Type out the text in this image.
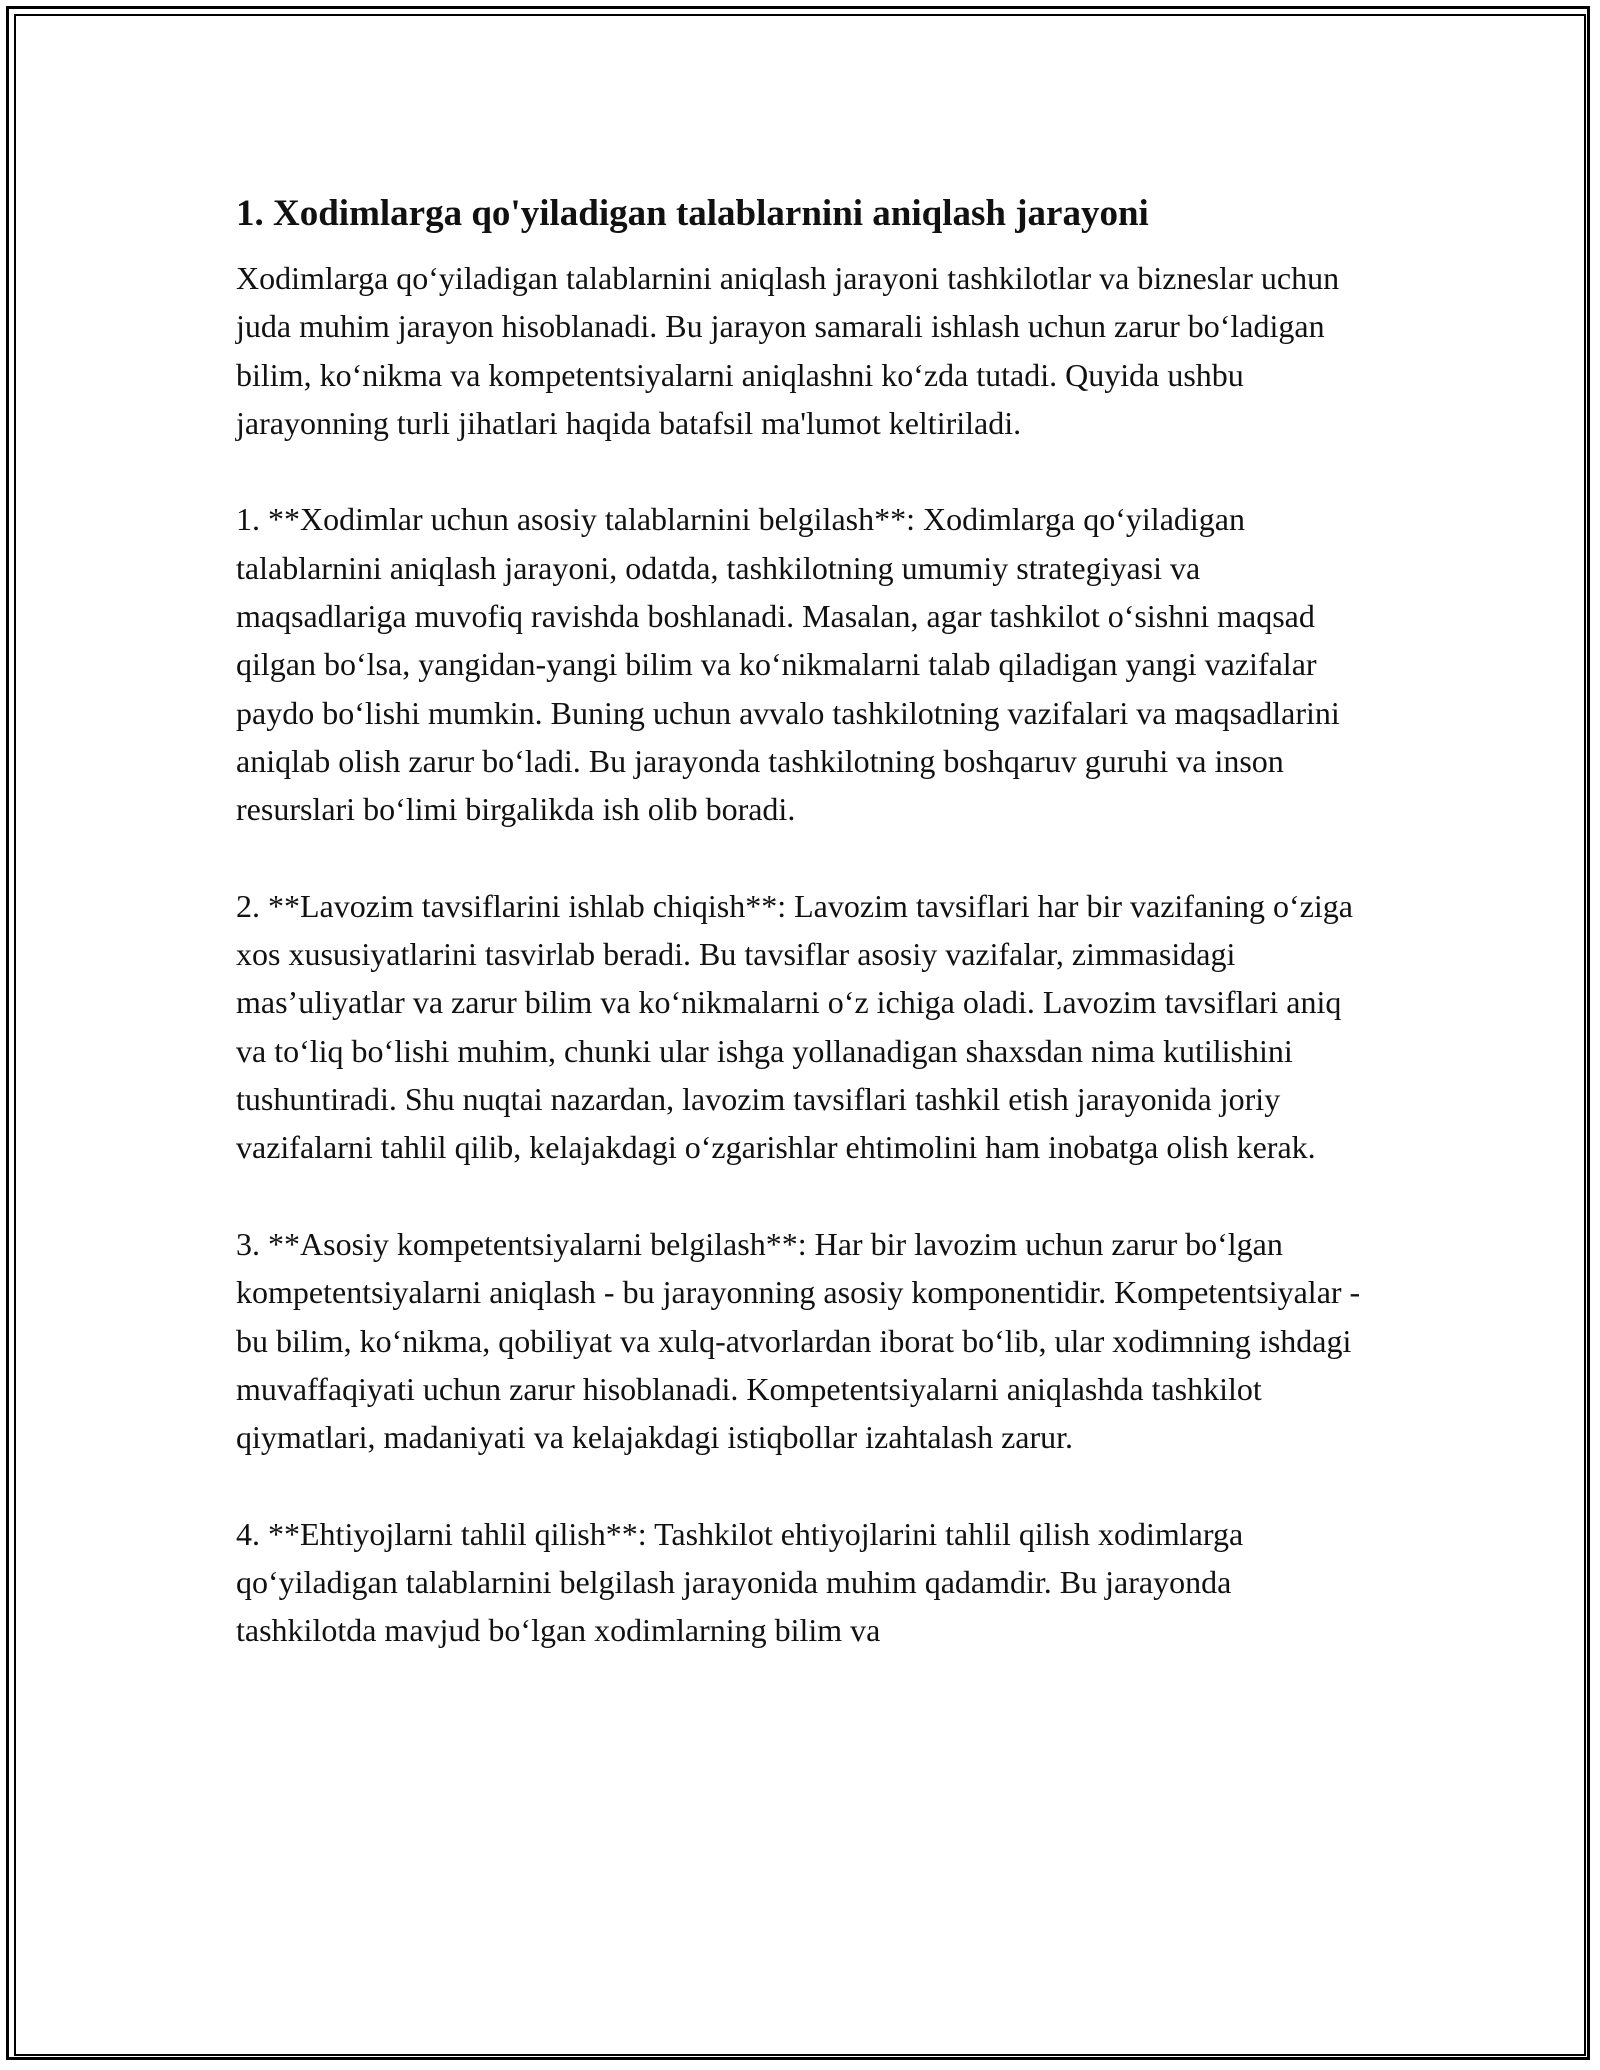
1. Xodimlarga qo'yiladigan talablarnini aniqlash jarayoni

Xodimlarga qo‘yiladigan talablarnini aniqlash jarayoni tashkilotlar va bizneslar uchun juda muhim jarayon hisoblanadi. Bu jarayon samarali ishlash uchun zarur bo‘ladigan bilim, ko‘nikma va kompetentsiyalarni aniqlashni ko‘zda tutadi. Quyida ushbu jarayonning turli jihatlari haqida batafsil ma'lumot keltiriladi.

1. **Xodimlar uchun asosiy talablarnini belgilash**: Xodimlarga qo‘yiladigan talablarnini aniqlash jarayoni, odatda, tashkilotning umumiy strategiyasi va maqsadlariga muvofiq ravishda boshlanadi. Masalan, agar tashkilot o‘sishni maqsad qilgan bo‘lsa, yangidan-yangi bilim va ko‘nikmalarni talab qiladigan yangi vazifalar paydo bo‘lishi mumkin. Buning uchun avvalo tashkilotning vazifalari va maqsadlarini aniqlab olish zarur bo‘ladi. Bu jarayonda tashkilotning boshqaruv guruhi va inson resurslari bo‘limi birgalikda ish olib boradi.

2. **Lavozim tavsiflarini ishlab chiqish**: Lavozim tavsiflari har bir vazifaning o‘ziga xos xususiyatlarini tasvirlab beradi. Bu tavsiflar asosiy vazifalar, zimmasidagi mas’uliyatlar va zarur bilim va ko‘nikmalarni o‘z ichiga oladi. Lavozim tavsiflari aniq va to‘liq bo‘lishi muhim, chunki ular ishga yollanadigan shaxsdan nima kutilishini tushuntiradi. Shu nuqtai nazardan, lavozim tavsiflari tashkil etish jarayonida joriy vazifalarni tahlil qilib, kelajakdagi o‘zgarishlar ehtimolini ham inobatga olish kerak.

3. **Asosiy kompetentsiyalarni belgilash**: Har bir lavozim uchun zarur bo‘lgan kompetentsiyalarni aniqlash - bu jarayonning asosiy komponentidir. Kompetentsiyalar - bu bilim, ko‘nikma, qobiliyat va xulq-atvorlardan iborat bo‘lib, ular xodimning ishdagi muvaffaqiyati uchun zarur hisoblanadi. Kompetentsiyalarni aniqlashda tashkilot qiymatlari, madaniyati va kelajakdagi istiqbollar izahtalash zarur.

4. **Ehtiyojlarni tahlil qilish**: Tashkilot ehtiyojlarini tahlil qilish xodimlarga qo‘yiladigan talablarnini belgilash jarayonida muhim qadamdir. Bu jarayonda tashkilotda mavjud bo‘lgan xodimlarning bilim va
